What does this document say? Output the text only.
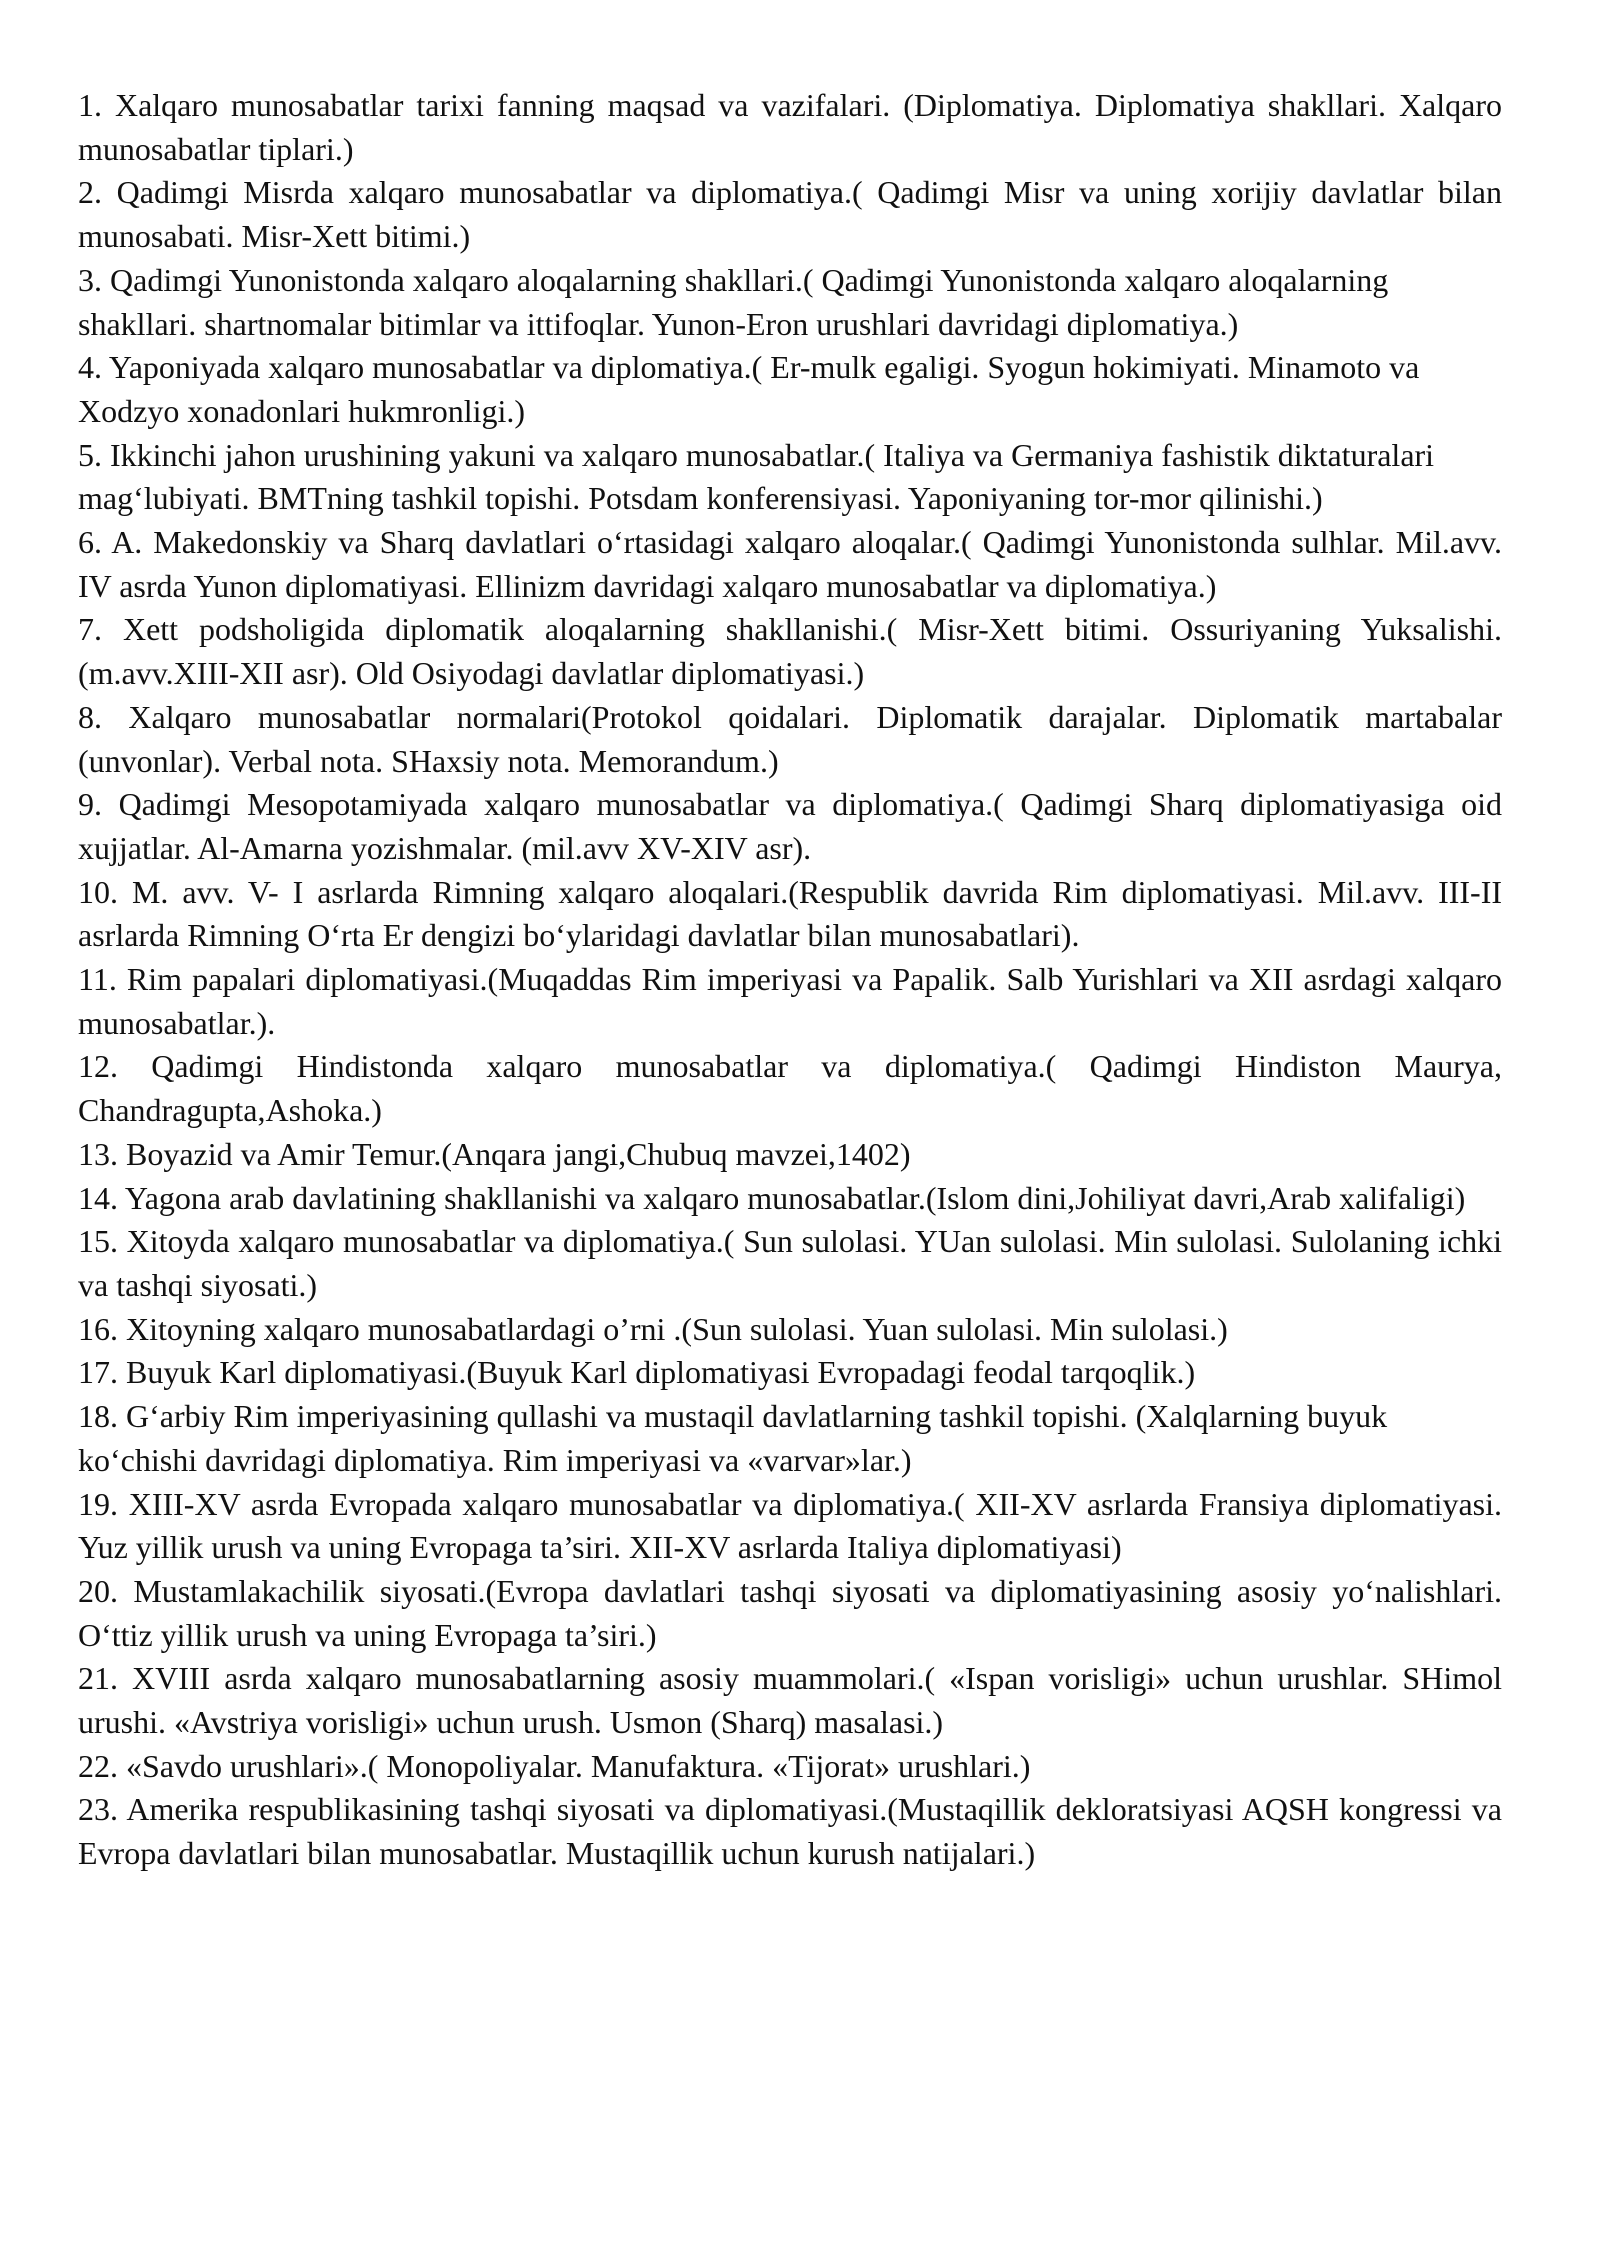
1. Xalqaro munosabatlar tarixi fanning maqsad va vazifalari. (Diplomatiya. Diplomatiya shakllari. Xalqaro munosabatlar tiplari.)

2. Qadimgi Misrda xalqaro munosabatlar va diplomatiya.( Qadimgi Misr va uning xorijiy davlatlar bilan munosabati. Misr-Xett bitimi.)

3. Qadimgi Yunonistonda xalqaro aloqalarning shakllari.( Qadimgi Yunonistonda xalqaro aloqalarning shakllari. shartnomalar bitimlar va ittifoqlar. Yunon-Eron urushlari davridagi diplomatiya.)

4. Yaponiyada xalqaro munosabatlar va diplomatiya.( Er-mulk egaligi. Syogun hokimiyati. Minamoto va Xodzyo xonadonlari hukmronligi.)

5. Ikkinchi jahon urushining yakuni va xalqaro munosabatlar.( Italiya va Germaniya fashistik diktaturalari mag‘lubiyati. BMTning tashkil topishi. Potsdam konferensiyasi. Yaponiyaning tor-mor qilinishi.)

6. A. Makedonskiy va Sharq davlatlari o‘rtasidagi xalqaro aloqalar.( Qadimgi Yunonistonda sulhlar. Mil.avv. IV asrda Yunon diplomatiyasi. Ellinizm davridagi xalqaro munosabatlar va diplomatiya.)

7. Xett podsholigida diplomatik aloqalarning shakllanishi.( Misr-Xett bitimi. Ossuriyaning Yuksalishi. (m.avv.XIII-XII asr). Old Osiyodagi davlatlar diplomatiyasi.)

8. Xalqaro munosabatlar normalari(Protokol qoidalari. Diplomatik darajalar. Diplomatik martabalar (unvonlar). Verbal nota. SHaxsiy nota. Memorandum.)

9. Qadimgi Mesopotamiyada xalqaro munosabatlar va diplomatiya.( Qadimgi Sharq diplomatiyasiga oid xujjatlar. Al-Amarna yozishmalar. (mil.avv XV-XIV asr).

10. M. avv. V- I asrlarda Rimning xalqaro aloqalari.(Respublik davrida Rim diplomatiyasi. Mil.avv. III-II asrlarda Rimning O‘rta Er dengizi bo‘ylaridagi davlatlar bilan munosabatlari).

11. Rim papalari diplomatiyasi.(Muqaddas Rim imperiyasi va Papalik. Salb Yurishlari va XII asrdagi xalqaro munosabatlar.).

12. Qadimgi Hindistonda xalqaro munosabatlar va diplomatiya.( Qadimgi Hindiston Maurya, Chandragupta,Ashoka.)

13. Boyazid va Amir Temur.(Anqara jangi,Chubuq mavzei,1402)

14. Yagona arab davlatining shakllanishi va xalqaro munosabatlar.(Islom dini,Johiliyat davri,Arab xalifaligi)

15. Xitoyda xalqaro munosabatlar va diplomatiya.( Sun sulolasi. YUan sulolasi. Min sulolasi. Sulolaning ichki va tashqi siyosati.)

16. Xitoyning xalqaro munosabatlardagi o’rni .(Sun sulolasi. Yuan sulolasi. Min sulolasi.)

17. Buyuk Karl diplomatiyasi.(Buyuk Karl diplomatiyasi Evropadagi feodal tarqoqlik.)

18. G‘arbiy Rim imperiyasining qullashi va mustaqil davlatlarning tashkil topishi. (Xalqlarning buyuk ko‘chishi davridagi diplomatiya. Rim imperiyasi va «varvar»lar.)

19. XIII-XV asrda Evropada xalqaro munosabatlar va diplomatiya.( XII-XV asrlarda Fransiya diplomatiyasi. Yuz yillik urush va uning Evropaga ta’siri. XII-XV asrlarda Italiya diplomatiyasi)

20. Mustamlakachilik siyosati.(Evropa davlatlari tashqi siyosati va diplomatiyasining asosiy yo‘nalishlari. O‘ttiz yillik urush va uning Evropaga ta’siri.)

21. XVIII asrda xalqaro munosabatlarning asosiy muammolari.( «Ispan vorisligi» uchun urushlar. SHimol urushi. «Avstriya vorisligi» uchun urush. Usmon (Sharq) masalasi.)

22. «Savdo urushlari».( Monopoliyalar. Manufaktura. «Tijorat» urushlari.)

23. Amerika respublikasining tashqi siyosati va diplomatiyasi.(Mustaqillik dekloratsiyasi AQSH kongressi va Evropa davlatlari bilan munosabatlar. Mustaqillik uchun kurush natijalari.)
